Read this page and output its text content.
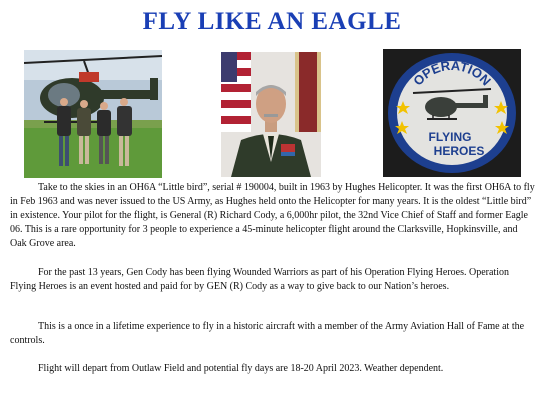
FLY LIKE AN EAGLE
OPERATION
FLYING
HEROES

Take to the skies in an OH6A “Little bird”, serial # 190004, built in 1963 by Hughes Helicopter. It was the first OH6A to fly in Feb 1963 and was never issued to the US Army, as Hughes held onto the Helicopter for many years. It is the oldest “Little bird” in existence. Your pilot for the flight, is General (R) Richard Cody, a 6,000hr pilot, the 32nd Vice Chief of Staff and former Eagle 06. This is a rare opportunity for 3 people to experience a 45-minute helicopter flight around the Clarksville, Hopkinsville, and Oak Grove area.

For the past 13 years, Gen Cody has been flying Wounded Warriors as part of his Operation Flying Heroes. Operation Flying Heroes is an event hosted and paid for by GEN (R) Cody as a way to give back to our Nation’s heroes.

This is a once in a lifetime experience to fly in a historic aircraft with a member of the Army Aviation Hall of Fame at the controls.

Flight will depart from Outlaw Field and potential fly days are 18-20 April 2023. Weather dependent.
